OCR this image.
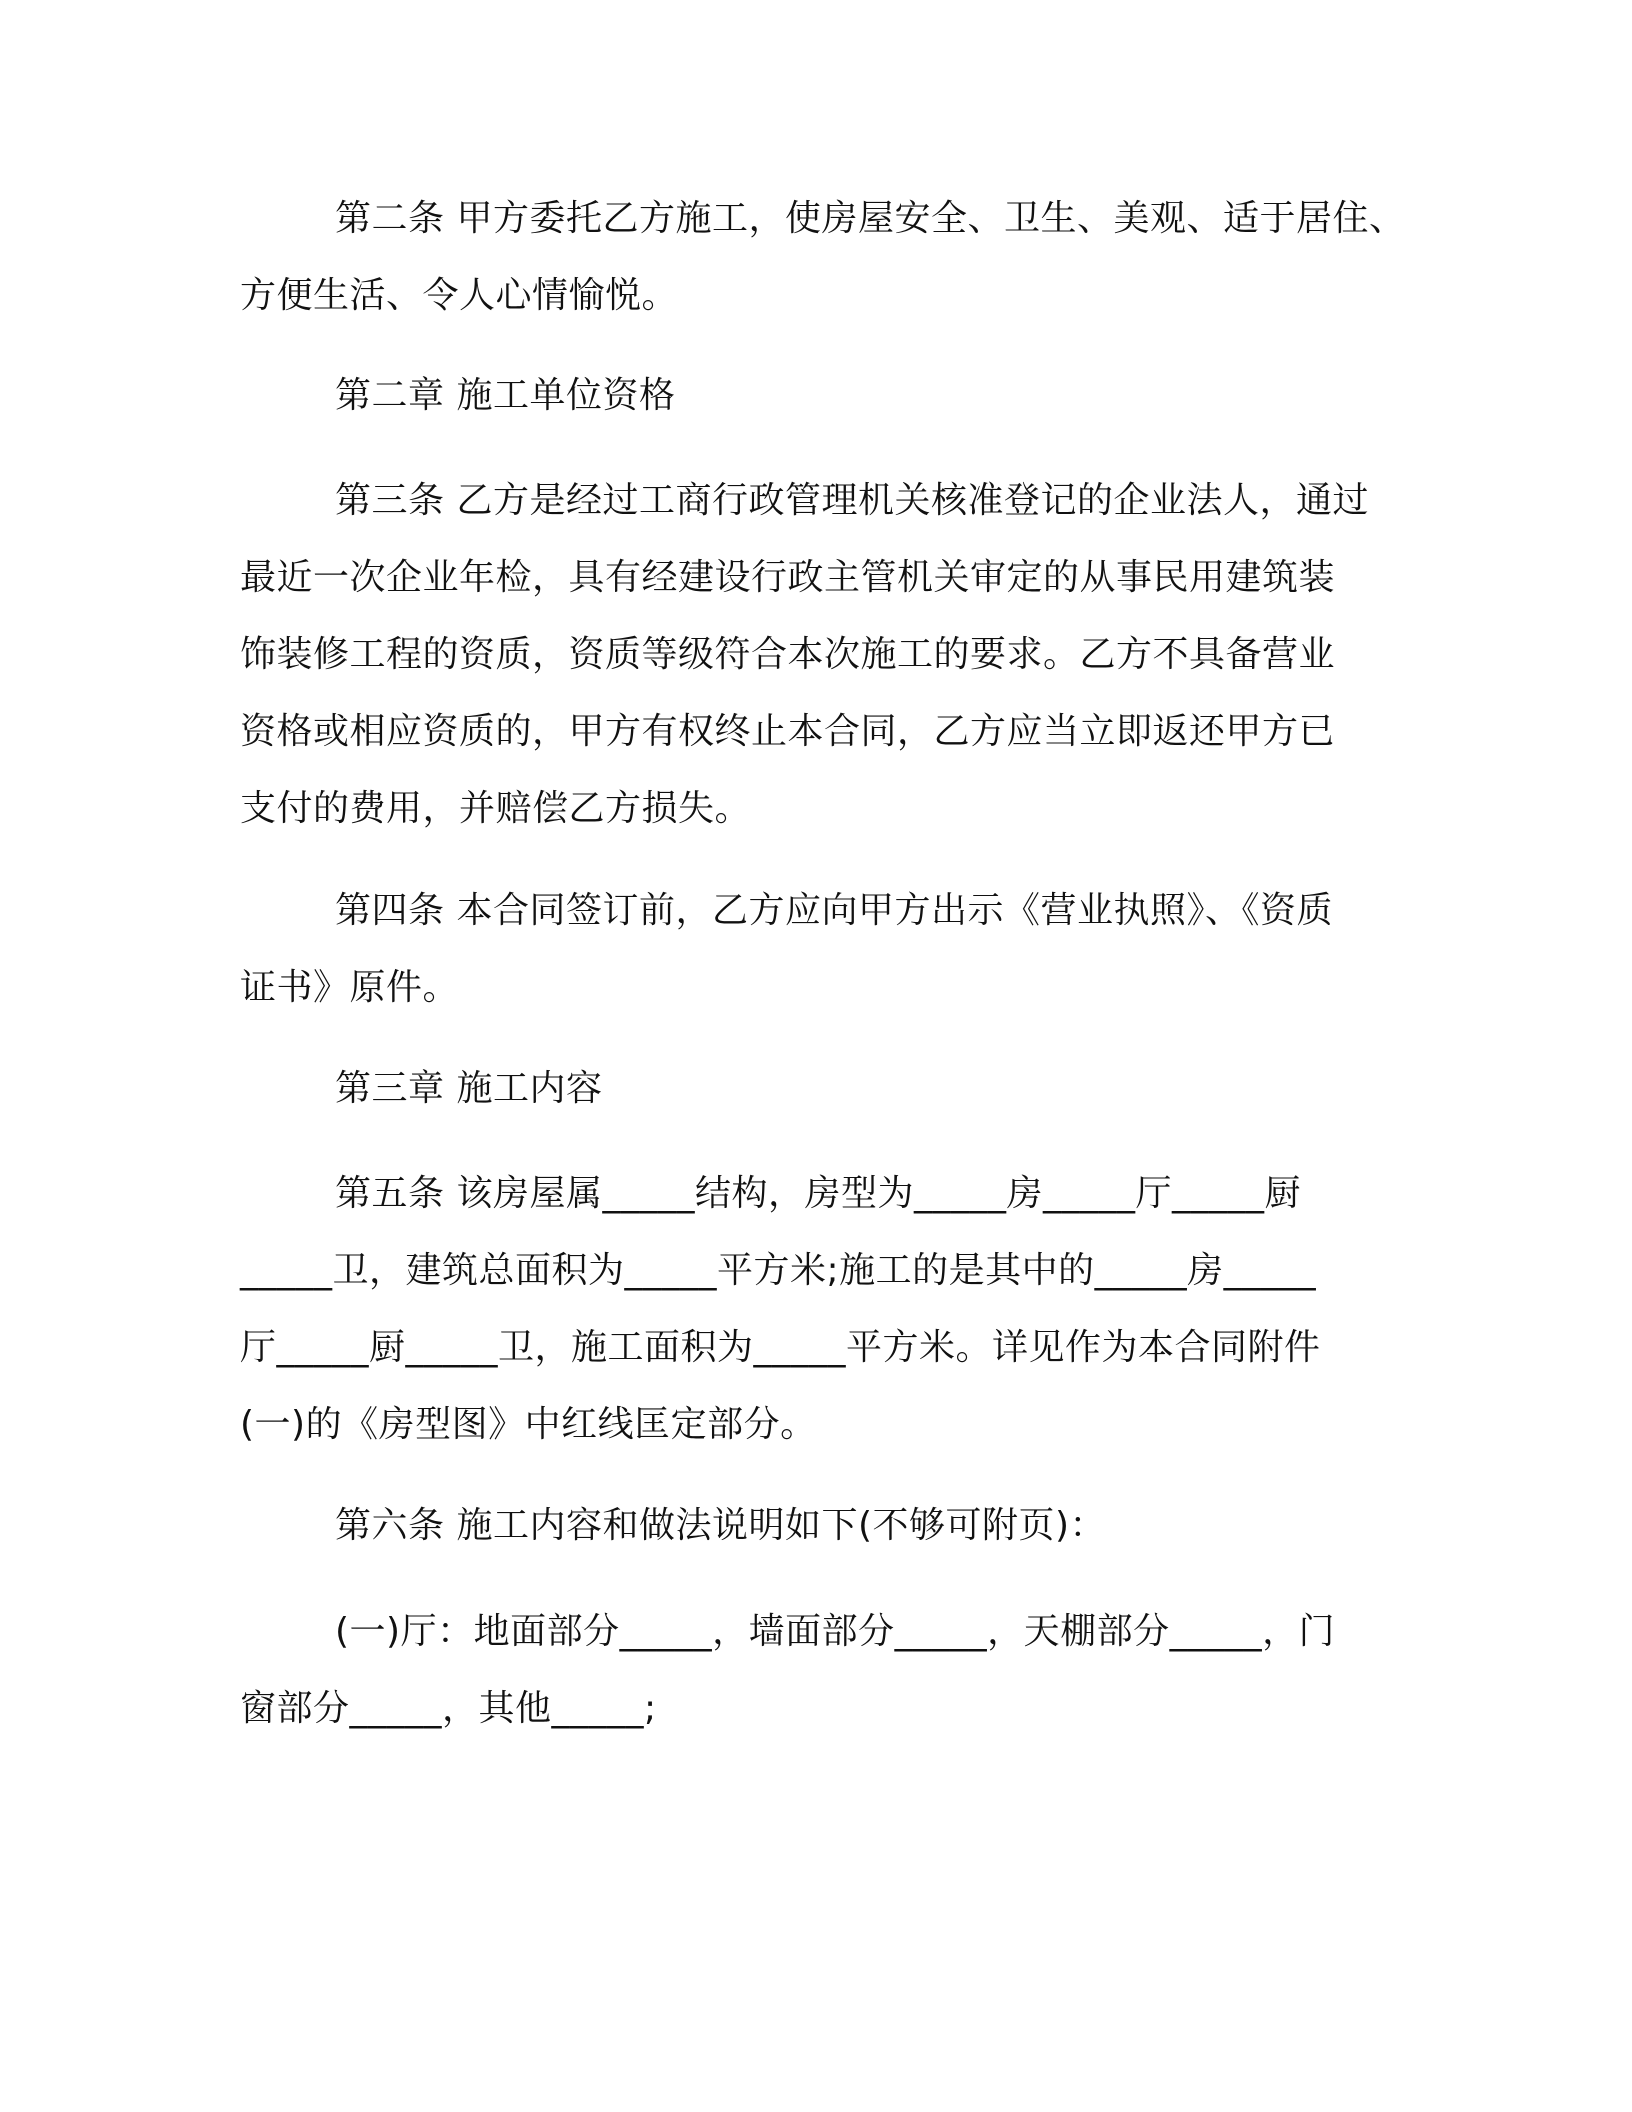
第二条 甲方委托乙方施工，使房屋安全、卫生、美观、适于居住、
方便生活、令人心情愉悦。
第二章 施工单位资格
第三条 乙方是经过工商行政管理机关核准登记的企业法人，通过
最近一次企业年检，具有经建设行政主管机关审定的从事民用建筑装
饰装修工程的资质，资质等级符合本次施工的要求。乙方不具备营业
资格或相应资质的，甲方有权终止本合同，乙方应当立即返还甲方已
支付的费用，并赔偿乙方损失。
第四条 本合同签订前，乙方应向甲方出示《营业执照》、《资质
证书》原件。
第三章 施工内容
第五条 该房屋属_____结构，房型为_____房_____厅_____厨
_____卫，建筑总面积为_____平方米;施工的是其中的_____房_____
厅_____厨_____卫，施工面积为_____平方米。详见作为本合同附件
(一)的《房型图》中红线匡定部分。
第六条 施工内容和做法说明如下(不够可附页)：
(一)厅：地面部分_____，墙面部分_____，天棚部分_____，门
窗部分_____，其他_____;
